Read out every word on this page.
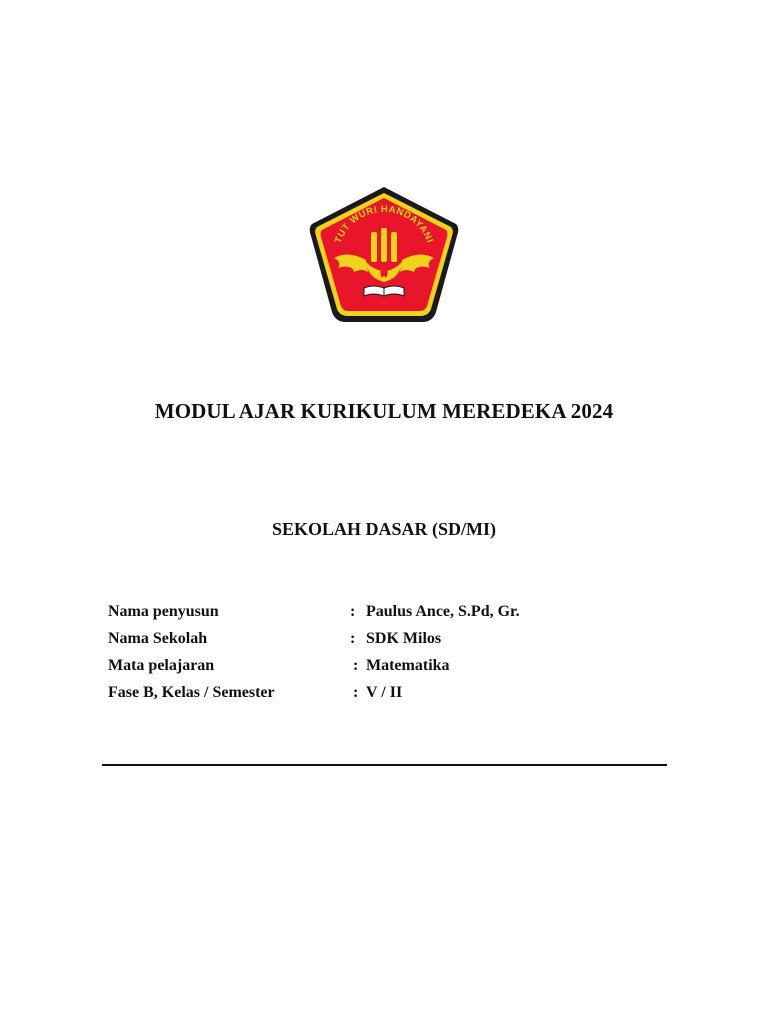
TUT WURI HANDAYANI
MODUL AJAR KURIKULUM MEREDEKA 2024
SEKOLAH DASAR (SD/MI)
Nama penyusun	: Paulus Ance, S.Pd, Gr.
Nama Sekolah	: SDK Milos
Mata pelajaran	: Matematika
Fase B, Kelas / Semester	: V / II
